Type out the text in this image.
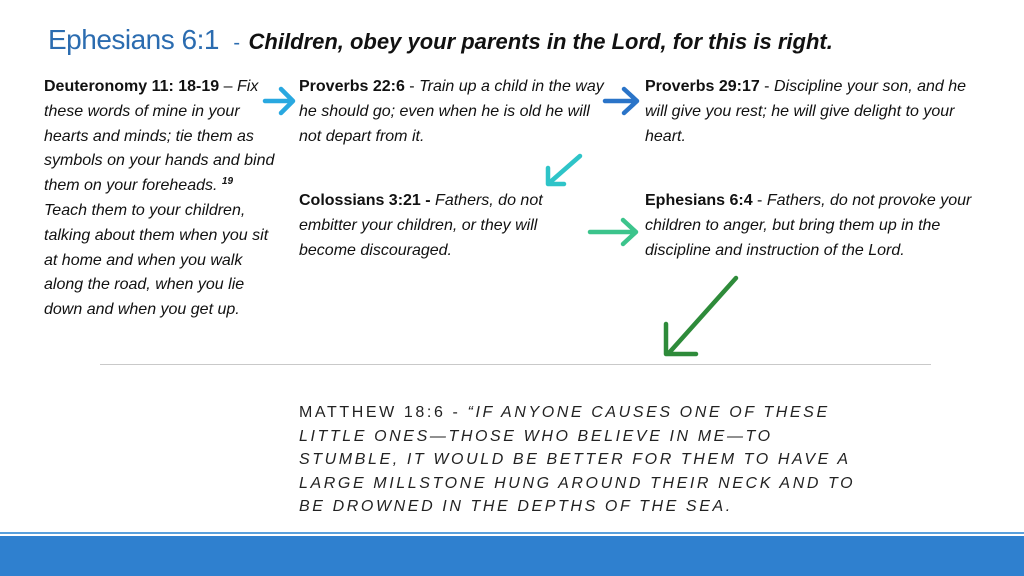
Ephesians 6:1 - Children, obey your parents in the Lord, for this is right.
Deuteronomy 11: 18-19 – Fix these words of mine in your hearts and minds; tie them as symbols on your hands and bind them on your foreheads. $^{19}$ Teach them to your children, talking about them when you sit at home and when you walk along the road, when you lie down and when you get up.
Proverbs 22:6 - Train up a child in the way he should go; even when he is old he will not depart from it.
Proverbs 29:17 - Discipline your son, and he will give you rest; he will give delight to your heart.
Colossians 3:21 - Fathers, do not embitter your children, or they will become discouraged.
Ephesians 6:4 - Fathers, do not provoke your children to anger, but bring them up in the discipline and instruction of the Lord.
MATTHEW 18:6 - “IF ANYONE CAUSES ONE OF THESE LITTLE ONES—THOSE WHO BELIEVE IN ME—TO STUMBLE, IT WOULD BE BETTER FOR THEM TO HAVE A LARGE MILLSTONE HUNG AROUND THEIR NECK AND TO BE DROWNED IN THE DEPTHS OF THE SEA.
